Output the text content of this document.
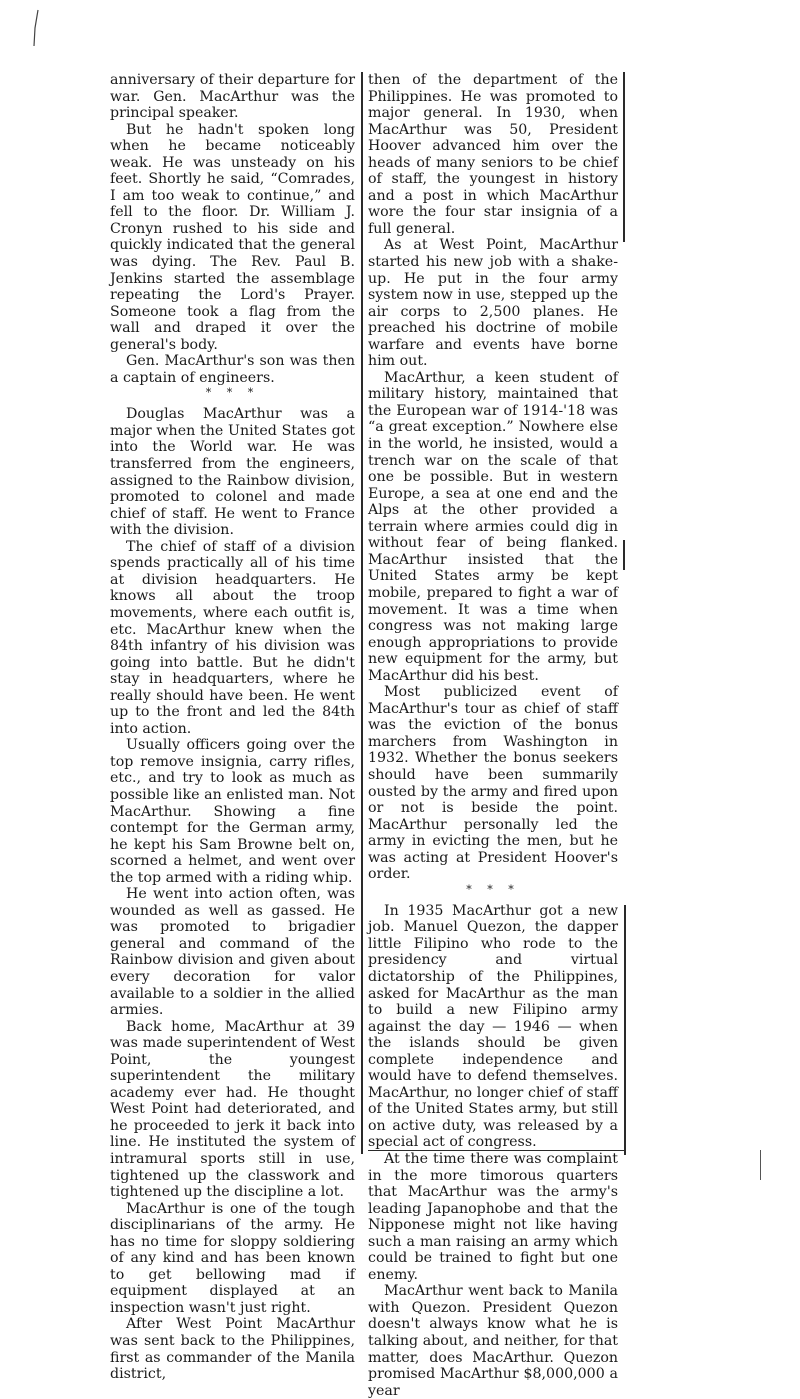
anniversary of their departure for war. Gen. MacArthur was the principal speaker.

But he hadn't spoken long when he became noticeably weak. He was unsteady on his feet. Shortly he said, “Comrades, I am too weak to continue,” and fell to the floor. Dr. William J. Cronyn rushed to his side and quickly indicated that the general was dying. The Rev. Paul B. Jenkins started the assemblage repeating the Lord's Prayer. Someone took a flag from the wall and draped it over the general's body.

Gen. MacArthur's son was then a captain of engineers.

* * *

Douglas MacArthur was a major when the United States got into the World war. He was transferred from the engineers, assigned to the Rainbow division, promoted to colonel and made chief of staff. He went to France with the division.

The chief of staff of a division spends practically all of his time at division headquarters. He knows all about the troop movements, where each outfit is, etc. MacArthur knew when the 84th infantry of his division was going into battle. But he didn't stay in headquarters, where he really should have been. He went up to the front and led the 84th into action.

Usually officers going over the top remove insignia, carry rifles, etc., and try to look as much as possible like an enlisted man. Not MacArthur. Showing a fine contempt for the German army, he kept his Sam Browne belt on, scorned a helmet, and went over the top armed with a riding whip.

He went into action often, was wounded as well as gassed. He was promoted to brigadier general and command of the Rainbow division and given about every decoration for valor available to a soldier in the allied armies.

Back home, MacArthur at 39 was made superintendent of West Point, the youngest superintendent the military academy ever had. He thought West Point had deteriorated, and he proceeded to jerk it back into line. He instituted the system of intramural sports still in use, tightened up the classwork and tightened up the discipline a lot.

MacArthur is one of the tough disciplinarians of the army. He has no time for sloppy soldiering of any kind and has been known to get bellowing mad if equipment displayed at an inspection wasn't just right.

After West Point MacArthur was sent back to the Philippines, first as commander of the Manila district,

then of the department of the Philippines. He was promoted to major general. In 1930, when MacArthur was 50, President Hoover advanced him over the heads of many seniors to be chief of staff, the youngest in history and a post in which MacArthur wore the four star insignia of a full general.

As at West Point, MacArthur started his new job with a shake-up. He put in the four army system now in use, stepped up the air corps to 2,500 planes. He preached his doctrine of mobile warfare and events have borne him out.

MacArthur, a keen student of military history, maintained that the European war of 1914-'18 was “a great exception.” Nowhere else in the world, he insisted, would a trench war on the scale of that one be possible. But in western Europe, a sea at one end and the Alps at the other provided a terrain where armies could dig in without fear of being flanked. MacArthur insisted that the United States army be kept mobile, prepared to fight a war of movement. It was a time when congress was not making large enough appropriations to provide new equipment for the army, but MacArthur did his best.

Most publicized event of MacArthur's tour as chief of staff was the eviction of the bonus marchers from Washington in 1932. Whether the bonus seekers should have been summarily ousted by the army and fired upon or not is beside the point. MacArthur personally led the army in evicting the men, but he was acting at President Hoover's order.

* * *

In 1935 MacArthur got a new job. Manuel Quezon, the dapper little Filipino who rode to the presidency and virtual dictatorship of the Philippines, asked for MacArthur as the man to build a new Filipino army against the day — 1946 — when the islands should be given complete independence and would have to defend themselves. MacArthur, no longer chief of staff of the United States army, but still on active duty, was released by a special act of congress.

At the time there was complaint in the more timorous quarters that MacArthur was the army's leading Japanophobe and that the Nipponese might not like having such a man raising an army which could be trained to fight but one enemy.

MacArthur went back to Manila with Quezon. President Quezon doesn't always know what he is talking about, and neither, for that matter, does MacArthur. Quezon promised MacArthur $8,000,000 a year
